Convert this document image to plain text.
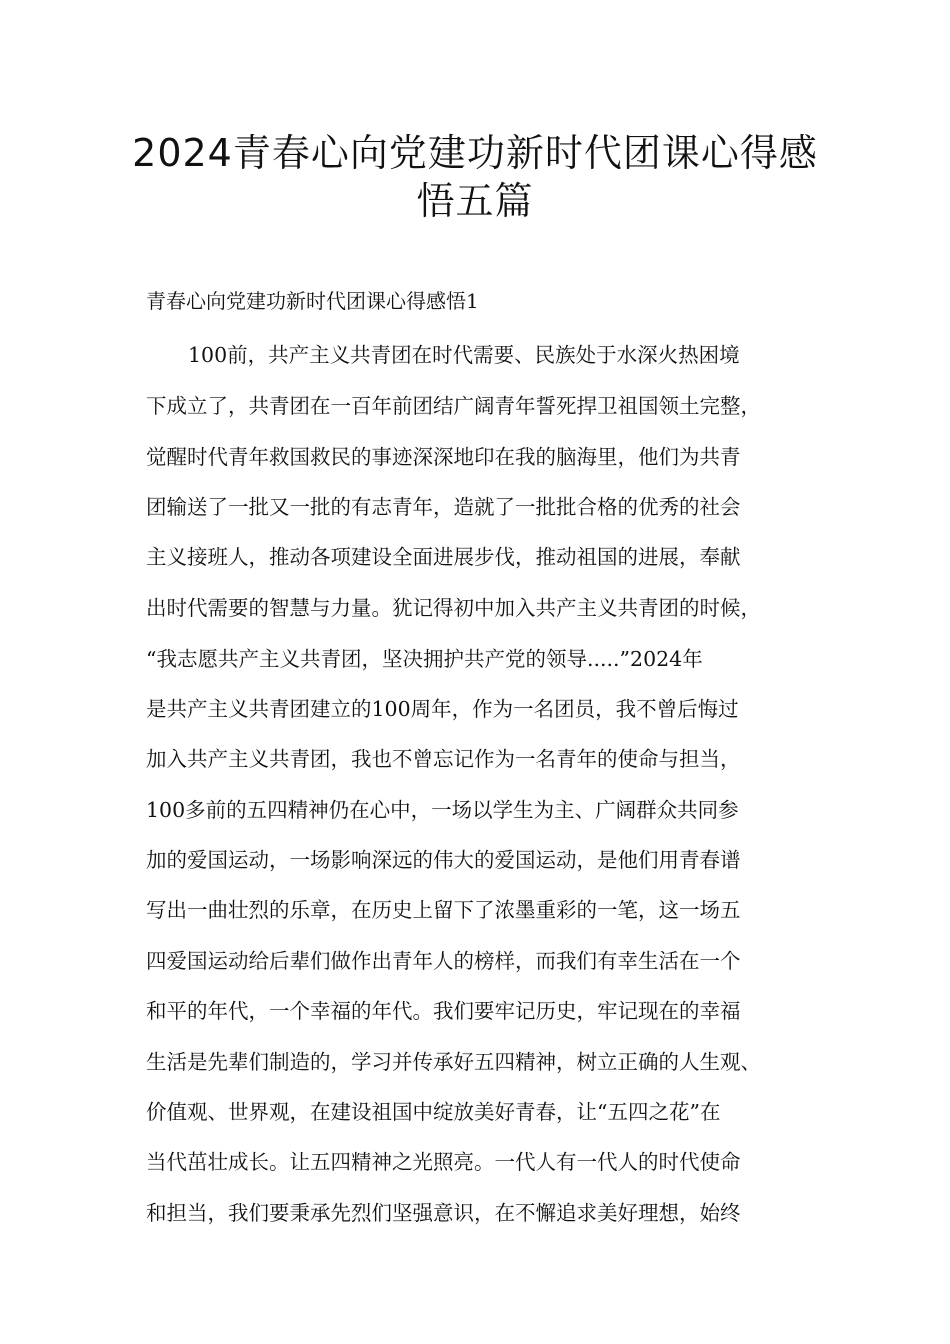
2024青春心向党建功新时代团课心得感
悟五篇
青春心向党建功新时代团课心得感悟1

100前，共产主义共青团在时代需要、民族处于水深火热困境

下成立了，共青团在一百年前团结广阔青年誓死捍卫祖国领土完整，

觉醒时代青年救国救民的事迹深深地印在我的脑海里，他们为共青

团输送了一批又一批的有志青年，造就了一批批合格的优秀的社会

主义接班人，推动各项建设全面进展步伐，推动祖国的进展，奉献

出时代需要的智慧与力量。犹记得初中加入共产主义共青团的时候，

“我志愿共产主义共青团，坚决拥护共产党的领导.....”2024年

是共产主义共青团建立的100周年，作为一名团员，我不曾后悔过

加入共产主义共青团，我也不曾忘记作为一名青年的使命与担当，

100多前的五四精神仍在心中，一场以学生为主、广阔群众共同参

加的爱国运动，一场影响深远的伟大的爱国运动，是他们用青春谱

写出一曲壮烈的乐章，在历史上留下了浓墨重彩的一笔，这一场五

四爱国运动给后辈们做作出青年人的榜样，而我们有幸生活在一个

和平的年代，一个幸福的年代。我们要牢记历史，牢记现在的幸福

生活是先辈们制造的，学习并传承好五四精神，树立正确的人生观、

价值观、世界观，在建设祖国中绽放美好青春，让“五四之花”在

当代茁壮成长。让五四精神之光照亮。一代人有一代人的时代使命

和担当，我们要秉承先烈们坚强意识，在不懈追求美好理想，始终
